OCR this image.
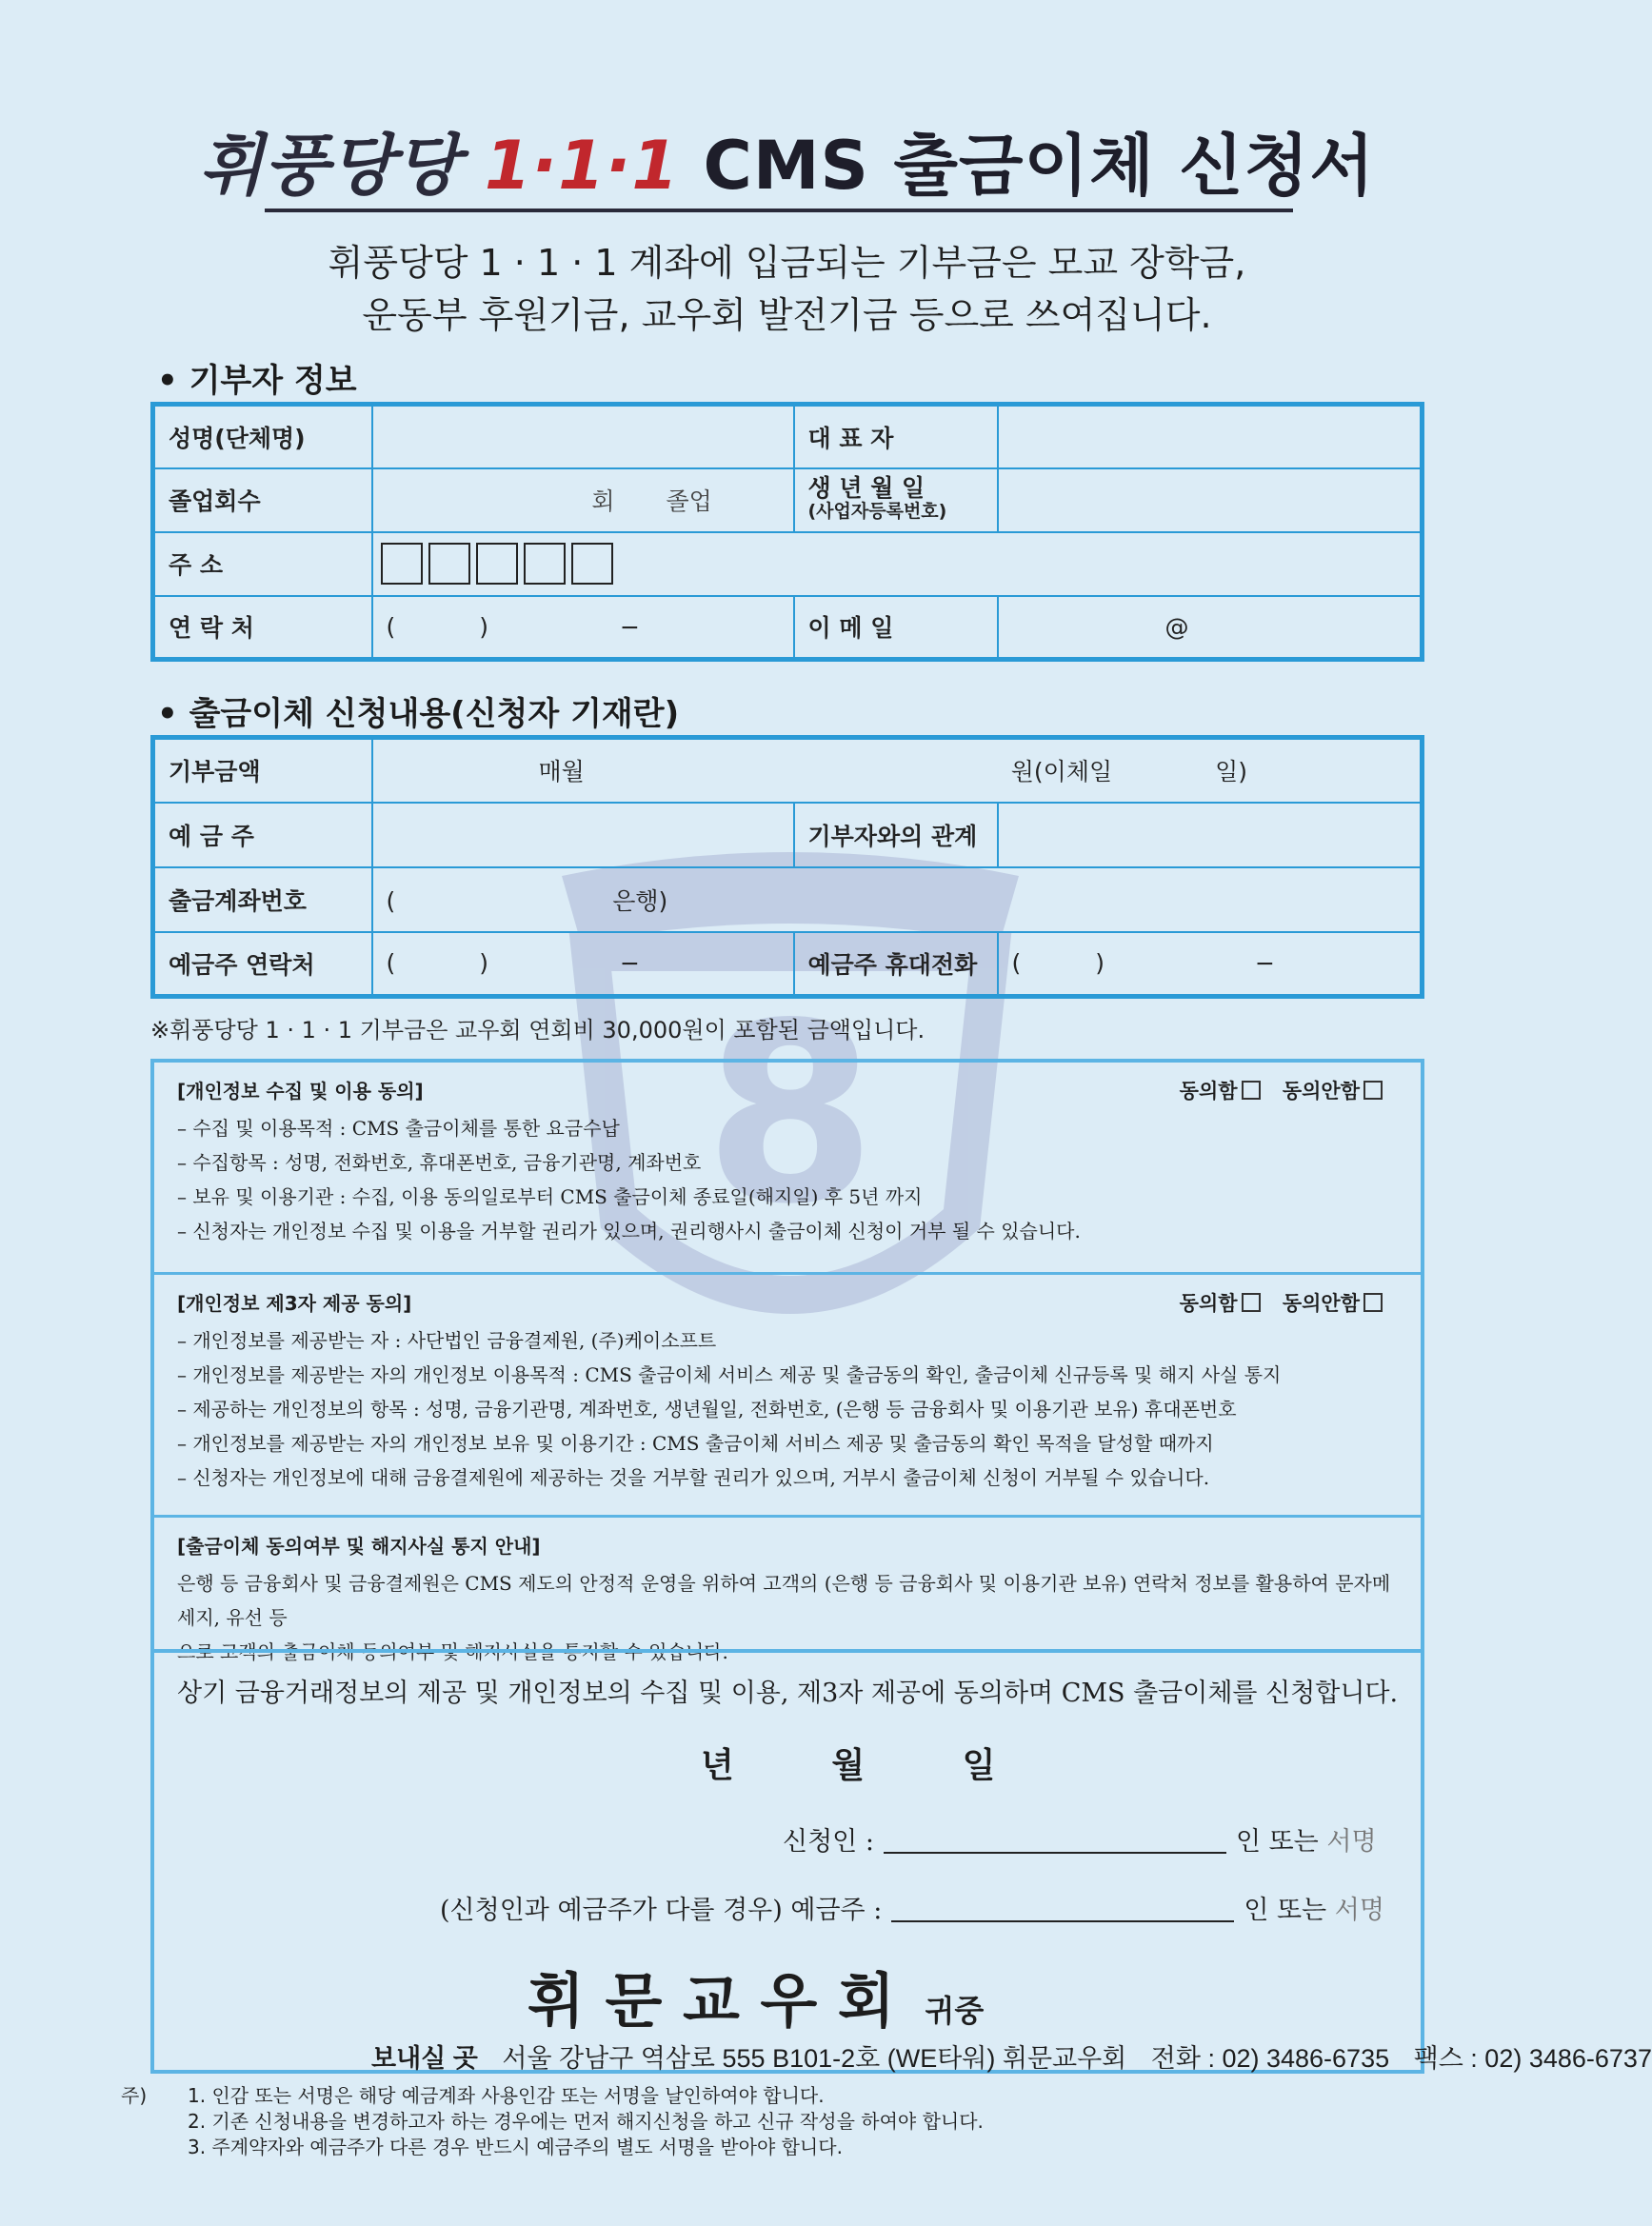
8
휘풍당당 1·1·1 CMS 출금이체 신청서
휘풍당당 1 · 1 · 1 계좌에 입금되는 기부금은 모교 장학금,
운동부 후원기금, 교우회 발전기금 등으로 쓰여집니다.
• 기부자 정보
성명(단체명)		대 표 자	
졸업회수	회 졸업	생 년 월 일
(사업자등록번호)	

주 소			
연 락 처	( ) −	이 메 일	@
• 출금이체 신청내용(신청자 기재란)
기부금액	매월 원(이체일 일)		
예 금 주		기부자와의 관계	
출금계좌번호	( 은행)		
예금주 연락처	( ) −	예금주 휴대전화	( ) −
※휘풍당당 1 · 1 · 1 기부금은 교우회 연회비 30,000원이 포함된 금액입니다.
[개인정보 수집 및 이용 동의]	동의함 동의안함
– 수집 및 이용목적 : CMS 출금이체를 통한 요금수납
– 수집항목 : 성명, 전화번호, 휴대폰번호, 금융기관명, 계좌번호
– 보유 및 이용기관 : 수집, 이용 동의일로부터 CMS 출금이체 종료일(해지일) 후 5년 까지
– 신청자는 개인정보 수집 및 이용을 거부할 권리가 있으며, 권리행사시 출금이체 신청이 거부 될 수 있습니다.
[개인정보 제3자 제공 동의]	동의함 동의안함
– 개인정보를 제공받는 자 : 사단법인 금융결제원, (주)케이소프트
– 개인정보를 제공받는 자의 개인정보 이용목적 : CMS 출금이체 서비스 제공 및 출금동의 확인, 출금이체 신규등록 및 해지 사실 통지
– 제공하는 개인정보의 항목 : 성명, 금융기관명, 계좌번호, 생년월일, 전화번호, (은행 등 금융회사 및 이용기관 보유) 휴대폰번호
– 개인정보를 제공받는 자의 개인정보 보유 및 이용기간 : CMS 출금이체 서비스 제공 및 출금동의 확인 목적을 달성할 때까지
– 신청자는 개인정보에 대해 금융결제원에 제공하는 것을 거부할 권리가 있으며, 거부시 출금이체 신청이 거부될 수 있습니다.
[출금이체 동의여부 및 해지사실 통지 안내]
은행 등 금융회사 및 금융결제원은 CMS 제도의 안정적 운영을 위하여 고객의 (은행 등 금융회사 및 이용기관 보유) 연락처 정보를 활용하여 문자메세지, 유선 등
으로 고객의 출금이체 동의여부 및 해지사실을 통지할 수 있습니다.
상기 금융거래정보의 제공 및 개인정보의 수집 및 이용, 제3자 제공에 동의하며 CMS 출금이체를 신청합니다.
년	월	일
신청인 :	인 또는 서명
(신청인과 예금주가 다를 경우) 예금주 :	인 또는 서명
휘 문 교 우 회 귀중
보내실 곳 서울 강남구 역삼로 555 B101-2호 (WE타워) 휘문교우회 전화 : 02) 3486-6735 팩스 : 02) 3486-6737
주)	1. 인감 또는 서명은 해당 예금계좌 사용인감 또는 서명을 날인하여야 합니다.
2. 기존 신청내용을 변경하고자 하는 경우에는 먼저 해지신청을 하고 신규 작성을 하여야 합니다.
3. 주계약자와 예금주가 다른 경우 반드시 예금주의 별도 서명을 받아야 합니다.
